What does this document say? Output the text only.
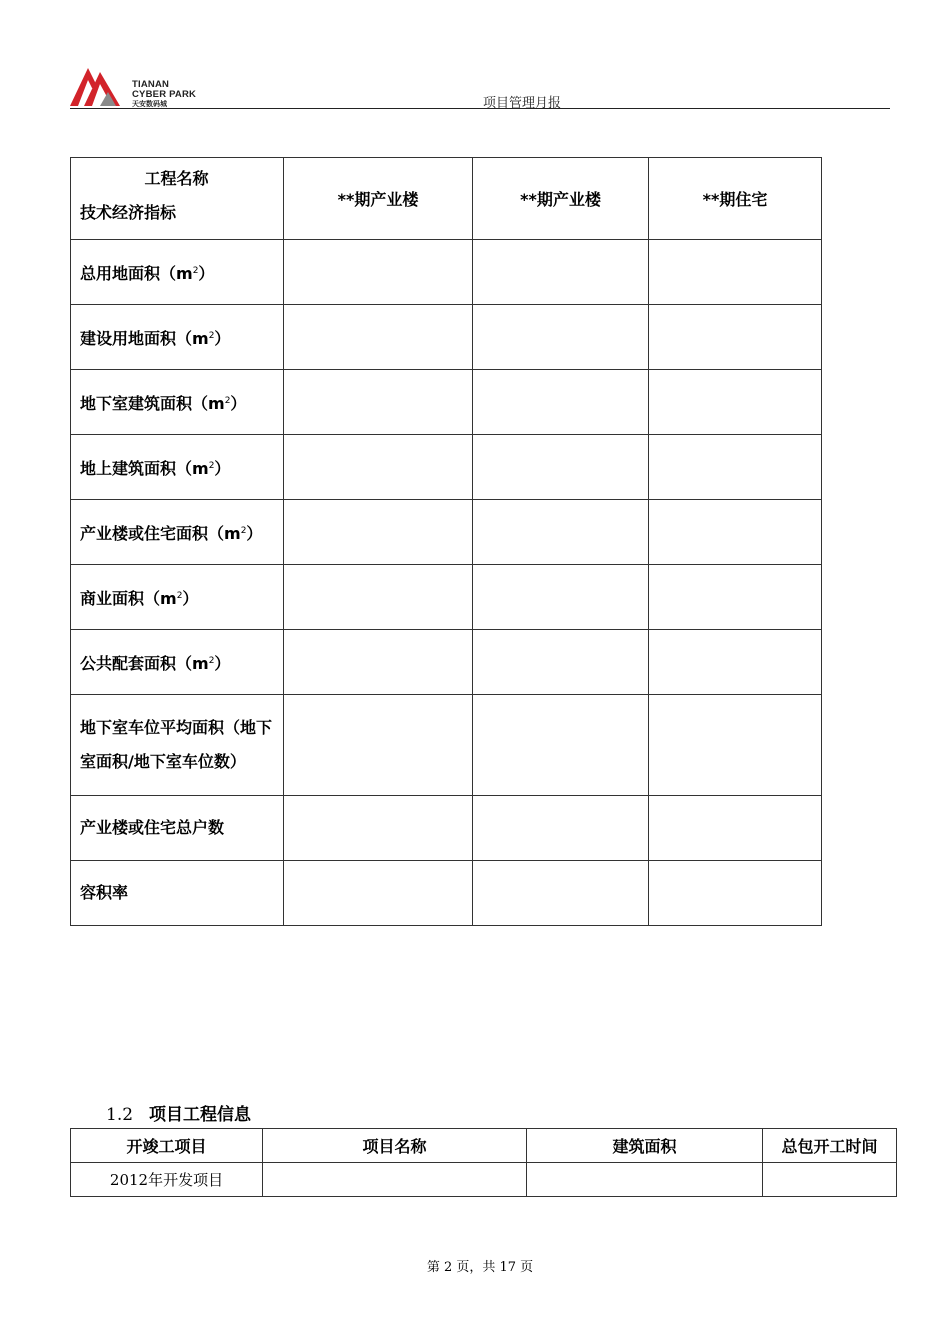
TIANAN
CYBER PARK
天安数码城	项目管理月报
工程名称
技术经济指标	**期产业楼	**期产业楼	**期住宅
总用地面积$(m^2)$			
建设用地面积$(m^2)$			
地下室建筑面积$(m^2)$			
地上建筑面积$(m^2)$			
产业楼或住宅面积$(m^2)$			
商业面积$(m^2)$			
公共配套面积$(m^2)$			
地下室车位平均面积（地下室面积/地下室车位数）			
产业楼或住宅总户数			
容积率			
1.2 项目工程信息
开竣工项目	项目名称	建筑面积	总包开工时间
2012年开发项目			
第 2 页，共 17 页
